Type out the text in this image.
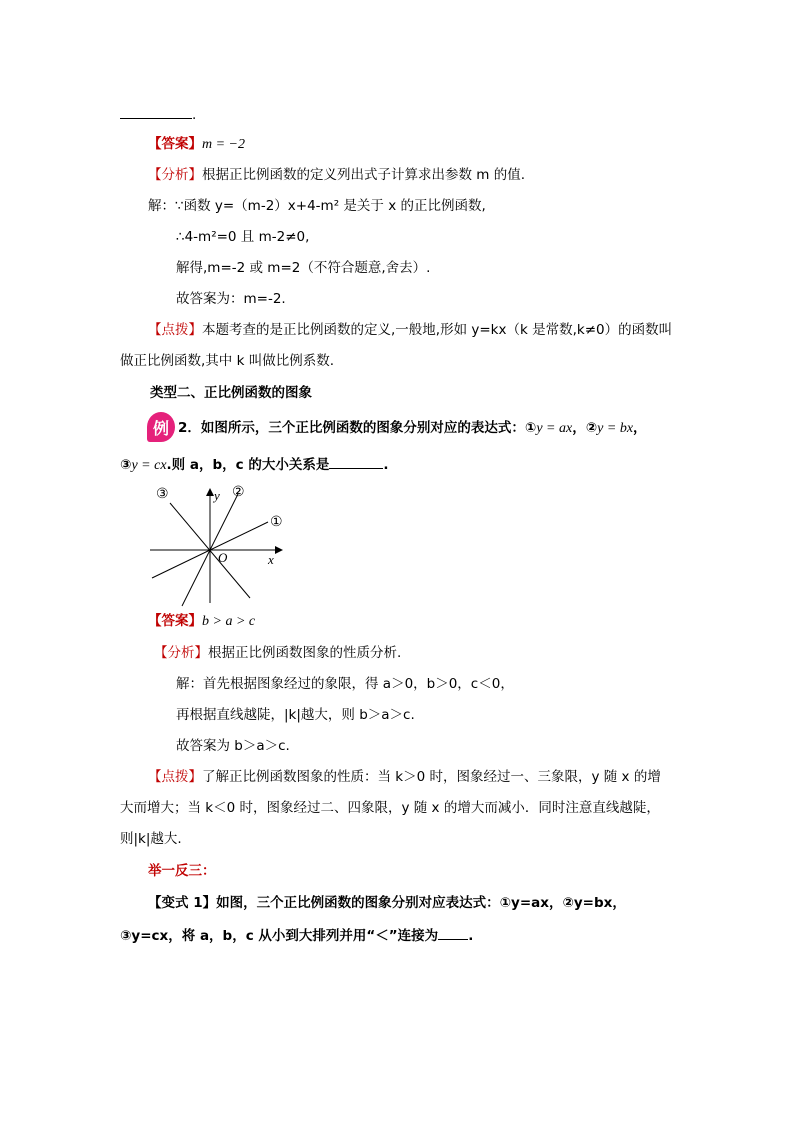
.
【答案】m = −2
【分析】根据正比例函数的定义列出式子计算求出参数 m 的值.
解：∵函数 y=（m-2）x+4-m² 是关于 x 的正比例函数,
∴4-m²=0 且 m-2≠0,
解得,m=-2 或 m=2（不符合题意,舍去）.
故答案为：m=-2.
【点拨】本题考查的是正比例函数的定义,一般地,形如 y=kx（k 是常数,k≠0）的函数叫
做正比例函数,其中 k 叫做比例系数.
类型二、正比例函数的图象
例 2．如图所示，三个正比例函数的图象分别对应的表达式：①y = ax，②y = bx，
③y = cx.则 a，b，c 的大小关系是	.
y
x
O
①
②
③
【答案】b > a > c
【分析】根据正比例函数图象的性质分析.
解：首先根据图象经过的象限，得 a＞0，b＞0，c＜0，
再根据直线越陡，|k|越大，则 b＞a＞c.
故答案为 b＞a＞c.
【点拨】了解正比例函数图象的性质：当 k＞0 时，图象经过一、三象限，y 随 x 的增
大而增大；当 k＜0 时，图象经过二、四象限，y 随 x 的增大而减小．同时注意直线越陡，
则|k|越大.
举一反三：
【变式 1】如图，三个正比例函数的图象分别对应表达式：①y=ax，②y=bx，
③y=cx，将 a，b，c 从小到大排列并用“＜”连接为 .
